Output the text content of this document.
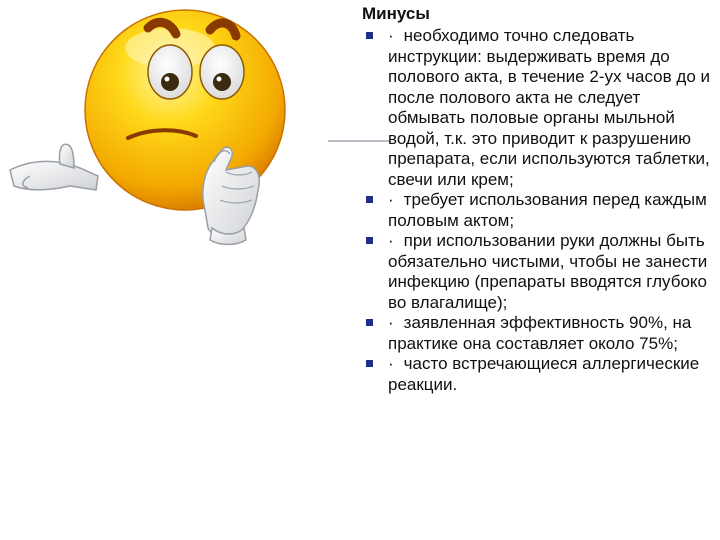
Минусы
· необходимо точно следовать инструкции: выдерживать время до полового акта, в течение 2-ух часов до и после полового акта не следует обмывать половые органы мыльной водой, т.к. это приводит к разрушению препарата, если используются таблетки, свечи или крем;
· требует использования перед каждым половым актом;
· при использовании руки должны быть обязательно чистыми, чтобы не занести инфекцию (препараты вводятся глубоко во влагалище);
· заявленная эффективность 90%, на практике она составляет около 75%;
· часто встречающиеся аллергические реакции.
